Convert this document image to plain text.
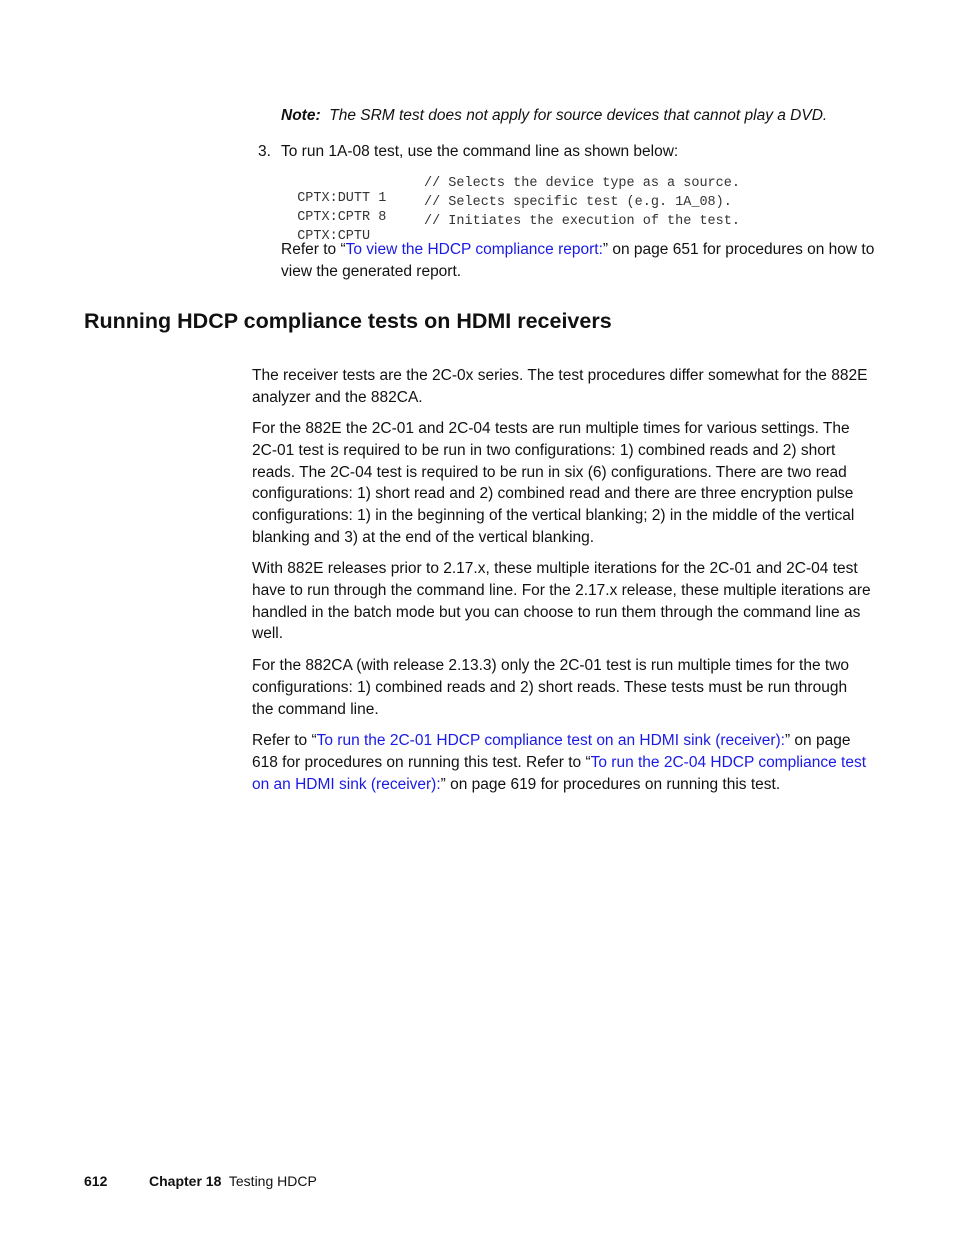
Note: The SRM test does not apply for source devices that cannot play a DVD.
3. To run 1A-08 test, use the command line as shown below:

CPTX:DUTT 1

// Selects the device type as a source.

CPTX:CPTR 8

// Selects specific test (e.g. 1A_08).

CPTX:CPTU

// Initiates the execution of the test.

Refer to “To view the HDCP compliance report:” on page 651 for procedures on how to
view the generated report.
Running HDCP compliance tests on HDMI receivers
The receiver tests are the 2C-0x series. The test procedures differ somewhat for the 882E
analyzer and the 882CA.
For the 882E the 2C-01 and 2C-04 tests are run multiple times for various settings. The
2C-01 test is required to be run in two configurations: 1) combined reads and 2) short
reads. The 2C-04 test is required to be run in six (6) configurations. There are two read
configurations: 1) short read and 2) combined read and there are three encryption pulse
configurations: 1) in the beginning of the vertical blanking; 2) in the middle of the vertical
blanking and 3) at the end of the vertical blanking.
With 882E releases prior to 2.17.x, these multiple iterations for the 2C-01 and 2C-04 test
have to run through the command line. For the 2.17.x release, these multiple iterations are
handled in the batch mode but you can choose to run them through the command line as
well.
For the 882CA (with release 2.13.3) only the 2C-01 test is run multiple times for the two
configurations: 1) combined reads and 2) short reads. These tests must be run through
the command line.
Refer to “To run the 2C-01 HDCP compliance test on an HDMI sink (receiver):” on page
618 for procedures on running this test. Refer to “To run the 2C-04 HDCP compliance test
on an HDMI sink (receiver):” on page 619 for procedures on running this test.
612	Chapter 18 Testing HDCP
